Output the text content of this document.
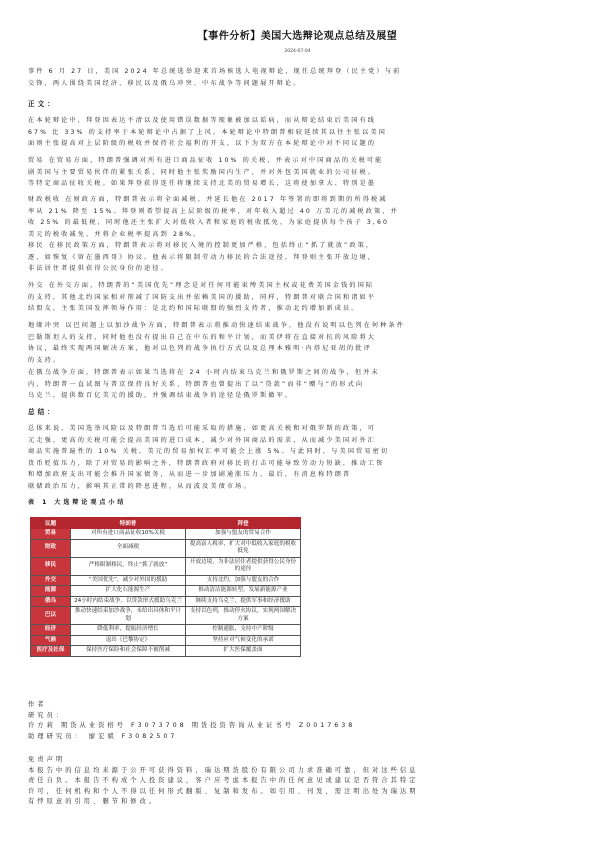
【事件分析】美国大选辩论观点总结及展望
2024-07-04
事件 6 月 27 日，美国 2024 年总统选举迎来首场候选人电视辩论，现任总统拜登（民主党）与前
交锋，两人围绕美国经济、移民以及俄乌冲突、中东战争等问题展开辩论。
正文：
在本轮辩论中，拜登因表达不清以及使用错误数据等现象被加以诟病，而从辩论结束后美国有线
67% 比 33% 的支持率于本轮辩论中占据了上风。本轮辩论中特朗普相较延续其以往主张以美国
面则主张提高对上层阶级的税收并保持社会福利的开支，以下为双方在本轮辩论中对不同议题的
贸易 在贸易方面，特朗普强调对所有进口商品征收 10% 的关税，并表示对中国商品的关税可能
剧美国与主要贸易伙伴的紧张关系，同时他主张奖励国内生产，并对外包美国就业的公司征税。
等特定商品征收关税。如果拜登获得连任将继续支持北美的贸易增长，这将使加拿大、特别是墨
财政税收 在财政方面，特朗普表示将全面减税，并延长他在 2017 年签署的即将到期的所得税减
率从 21% 降至 15%。拜登则希望提高上层阶级的税率，对年收入超过 40 万美元的减税政策，并
收 25% 的最低税，同时他还主张扩大对低收入者和家庭的税收抵免，为家庭提供每个孩子 3,60
美元的税收减免，并将企业税率提高到 28%。
移民 在移民政策方面，特朗普表示将对移民入境的控制更加严格，包括终止“抓了就放”政策，
逐，如恢复《留在墨西哥》协议。他表示将限制劳动力移民的合法途径，拜登则主张开放边境，
非法居住者提供获得公民身份的途径。
外交 在外交方面，特朗普的“美国优先”理念是对任何可能束缚美国主权或花费美国金钱的国际
的支持，其他北约国家相对削减了国防支出并依赖美国的援助，同样，特朗普对联合国和诸如平
结盟友，主张美国发挥领导作用：是北约和国际联盟的强烈支持者，推动北约增加新成员。
地缘冲突 以巴问题上以加沙战争方面，特朗普表示将推动快速结束战争，他没有说明以色列在何种条件
巴勒斯坦人的支持，同时他也没有提出自己在中东的和平计划，而美伊将在直接对抗的风险将大
协议，最终实现两国解决方案，他对以色列的战争执行方式以及总理本雅明·内塔尼亚胡的批评
的支持。
在俄乌战争方面，特朗普表示如果当选将在 24 小时内结束乌克兰和俄罗斯之间的战争，但并未
内，特朗普一直试图与普京保持良好关系，特朗普也曾提出了以“贷款”而非“赠与”的形式向
乌克兰，提供数百亿美元的援助，并强调结束战争的途径是俄罗斯撤军。
总结：
总体来说，美国选举风险以及特朗普当选后可能采取的措施，如更高关税和对俄罗斯的政策，可
元走强，更高的关税可能会提高美国的进口成本，减少对外国商品的需求，从而减少美国对外汇
商品实施普遍性的 10% 关税，美元的贸易加权汇率可能会上涨 5%。与此同时，与美国贸易密切
货币贬值压力，除了对贸易的影响之外，特朗普政府对移民的打击可能导致劳动力短缺，推动工资
和增加政府支出可能会推升国家债务，从而进一步加剧通胀压力，最后，有消息称特朗普
联储政治压力，影响其正常的降息进程，从而波及美债市场。
表 1 大选辩论观点小结
议题	特朗普	拜登
贸易	对所有进口商品征收10%关税	加强与盟友的贸易合作
财政	全面减税	提高富人税率，扩大对中低收入家庭的税收抵免
移民	严格限制移民，终止“抓了就放”	开放边境，为非法居住者提供获得公民身份的途径
外交	“美国优先”，减少对外国的援助	支持北约，加强与盟友的合作
能源	扩大化石能源生产	推动清洁能源转型，发展新能源产业
俄乌	24小时内结束战争，以贷款形式援助乌克兰	继续支持乌克兰，提供军事和经济援助
巴以	推动快速结束加沙战争，未给出具体和平计划	支持以色列，推动停火协议，实现两国解决方案
经济	降低利率，提振经济增长	控制通胀，支持中产阶级
气候	退出《巴黎协定》	坚持应对气候变化的承诺
医疗及社保	保持医疗保险和社会保障不被削减	扩大医保覆盖面
作者
研究员：
许方莉 期货从业资格号 F3073708 期货投资咨询从业证书号 Z0017638
助理研究员： 廖宏斌 F3082507
免责声明
本报告中的信息均来源于公开可获得资料，瑞达期货股份有限公司力求准确可靠，但对这些信息
责任自负。本报告不构成个人投资建议，客户应考虑本报告中的任何意见或建议是否符合其特定
许可，任何机构和个人不得以任何形式翻版、复制和发布。如引用、刊发，需注明出处为瑞达期
有悖原意的引用、删节和修改。
